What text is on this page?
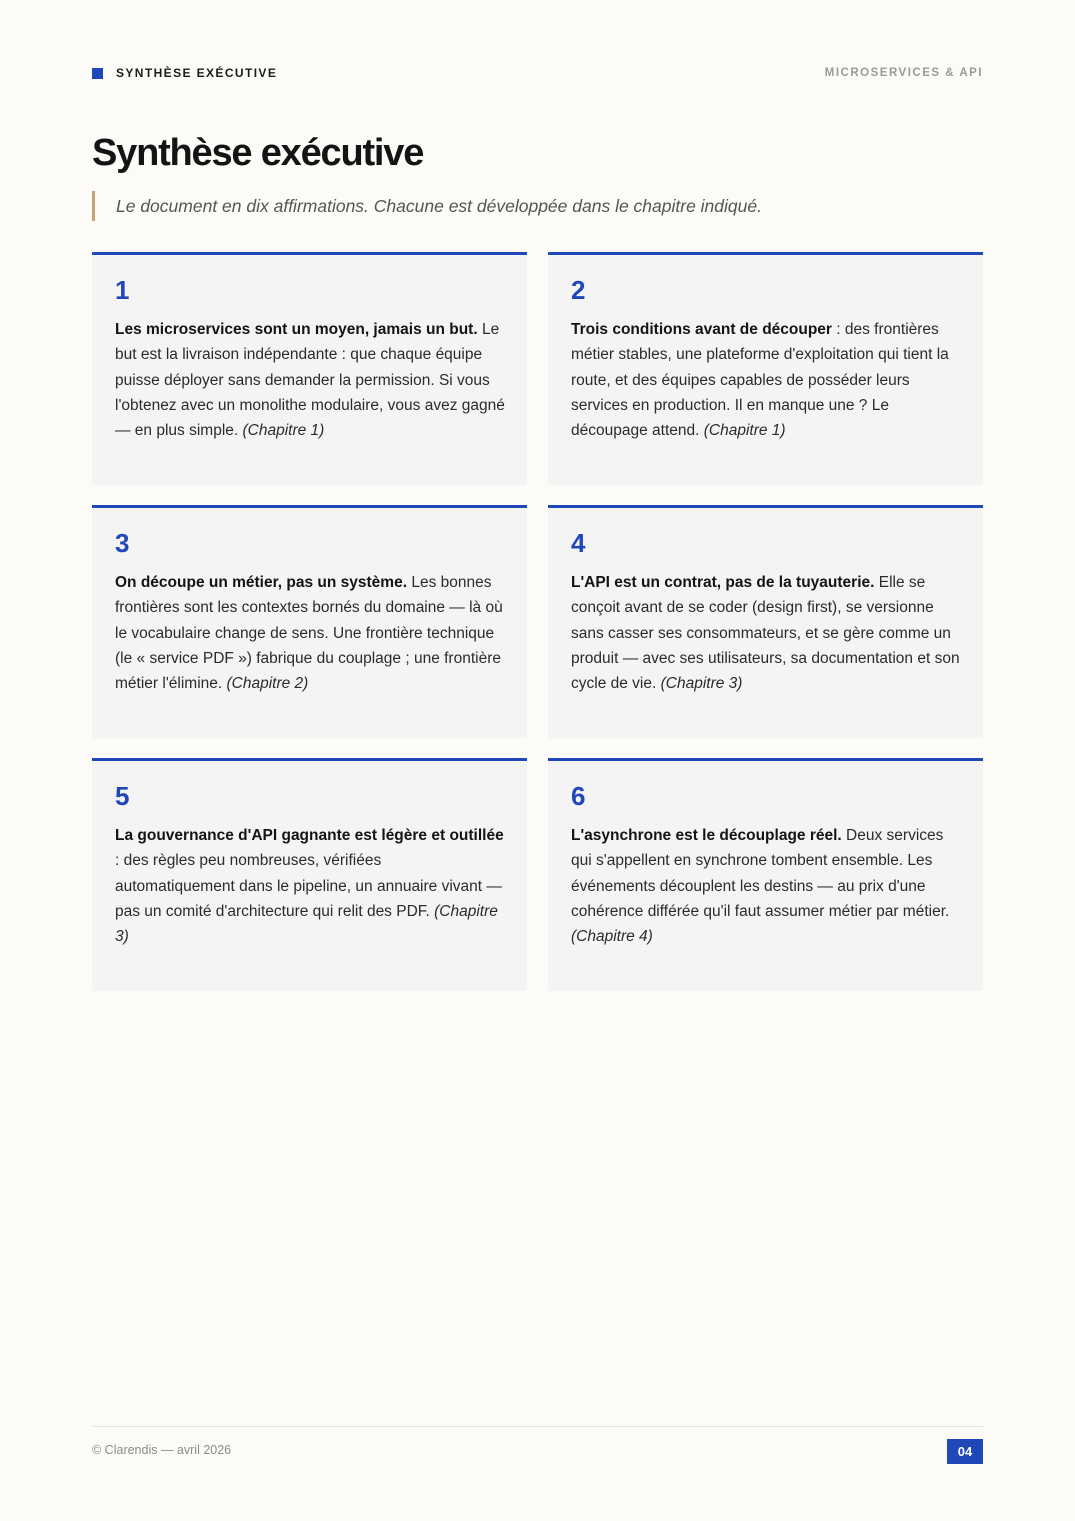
SYNTHÈSE EXÉCUTIVE	MICROSERVICES & API
Synthèse exécutive
Le document en dix affirmations. Chacune est développée dans le chapitre indiqué.
1

Les microservices sont un moyen, jamais un but. Le but est la livraison indépendante : que chaque équipe puisse déployer sans demander la permission. Si vous l'obtenez avec un monolithe modulaire, vous avez gagné — en plus simple. (Chapitre 1)

2

Trois conditions avant de découper : des frontières métier stables, une plateforme d'exploitation qui tient la route, et des équipes capables de posséder leurs services en production. Il en manque une ? Le découpage attend. (Chapitre 1)

3

On découpe un métier, pas un système. Les bonnes frontières sont les contextes bornés du domaine — là où le vocabulaire change de sens. Une frontière technique (le « service PDF ») fabrique du couplage ; une frontière métier l'élimine. (Chapitre 2)

4

L'API est un contrat, pas de la tuyauterie. Elle se conçoit avant de se coder (design first), se versionne sans casser ses consommateurs, et se gère comme un produit — avec ses utilisateurs, sa documentation et son cycle de vie. (Chapitre 3)

5

La gouvernance d'API gagnante est légère et outillée : des règles peu nombreuses, vérifiées automatiquement dans le pipeline, un annuaire vivant — pas un comité d'architecture qui relit des PDF. (Chapitre 3)

6

L'asynchrone est le découplage réel. Deux services qui s'appellent en synchrone tombent ensemble. Les événements découplent les destins — au prix d'une cohérence différée qu'il faut assumer métier par métier. (Chapitre 4)

© Clarendis — avril 2026	04
